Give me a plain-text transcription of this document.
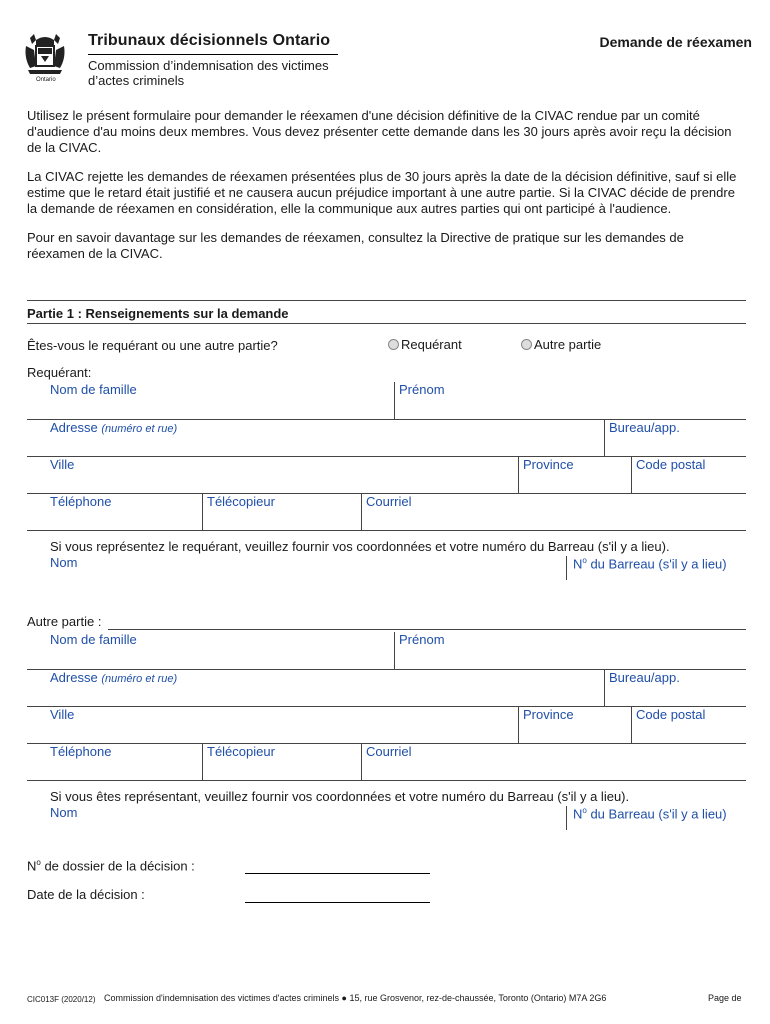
Ontario
Tribunaux décisionnels Ontario
Commission d’indemnisation des victimes
d’actes criminels
Demande de réexamen

Utilisez le présent formulaire pour demander le réexamen d'une décision définitive de la CIVAC rendue par un comité d'audience d'au moins deux membres. Vous devez présenter cette demande dans les 30 jours après avoir reçu la décision de la CIVAC.

La CIVAC rejette les demandes de réexamen présentées plus de 30 jours après la date de la décision définitive, sauf si elle estime que le retard était justifié et ne causera aucun préjudice important à une autre partie. Si la CIVAC décide de prendre la demande de réexamen en considération, elle la communique aux autres parties qui ont participé à l'audience.

Pour en savoir davantage sur les demandes de réexamen, consultez la Directive de pratique sur les demandes de réexamen de la CIVAC.

Partie 1 : Renseignements sur la demande
Êtes-vous le requérant ou une autre partie?	Requérant	Autre partie
Requérant:
Nom de famille	Prénom
Adresse (numéro et rue)	Bureau/app.
Ville	Province	Code postal
Téléphone	Télécopieur	Courriel
Si vous représentez le requérant, veuillez fournir vos coordonnées et votre numéro du Barreau (s'il y a lieu).
Nom	$N^o$ du Barreau (s'il y a lieu)
Autre partie :
Nom de famille	Prénom
Adresse (numéro et rue)	Bureau/app.
Ville	Province	Code postal
Téléphone	Télécopieur	Courriel
Si vous êtes représentant, veuillez fournir vos coordonnées et votre numéro du Barreau (s'il y a lieu).
Nom	$N^o$ du Barreau (s'il y a lieu)
$N^o$ de dossier de la décision :
Date de la décision :
CIC013F (2020/12) Commission d'indemnisation des victimes d'actes criminels ● 15, rue Grosvenor, rez-de-chaussée, Toronto (Ontario) M7A 2G6	Page de
